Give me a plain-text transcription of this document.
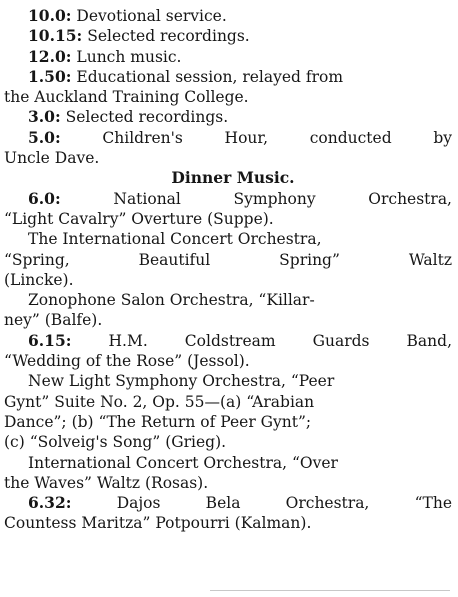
10.0: Devotional service.
10.15: Selected recordings.
12.0: Lunch music.
1.50: Educational session, relayed from
the Auckland Training College.
3.0: Selected recordings.
5.0:	Children's Hour, conducted by
Uncle Dave.
Dinner Music.
6.0:	National Symphony Orchestra,
“Light Cavalry” Overture (Suppe).
The International Concert Orchestra,
“Spring, Beautiful Spring” Waltz
(Lincke).
Zonophone Salon Orchestra, “Killar-
ney” (Balfe).
6.15: H.M. Coldstream Guards Band,
“Wedding of the Rose” (Jessol).
New Light Symphony Orchestra, “Peer
Gynt” Suite No. 2, Op. 55—(a) “Arabian
Dance”; (b) “The Return of Peer Gynt”;
(c) “Solveig's Song” (Grieg).
International Concert Orchestra, “Over
the Waves” Waltz (Rosas).
6.32:	Dajos Bela Orchestra, “The
Countess Maritza” Potpourri (Kalman).
